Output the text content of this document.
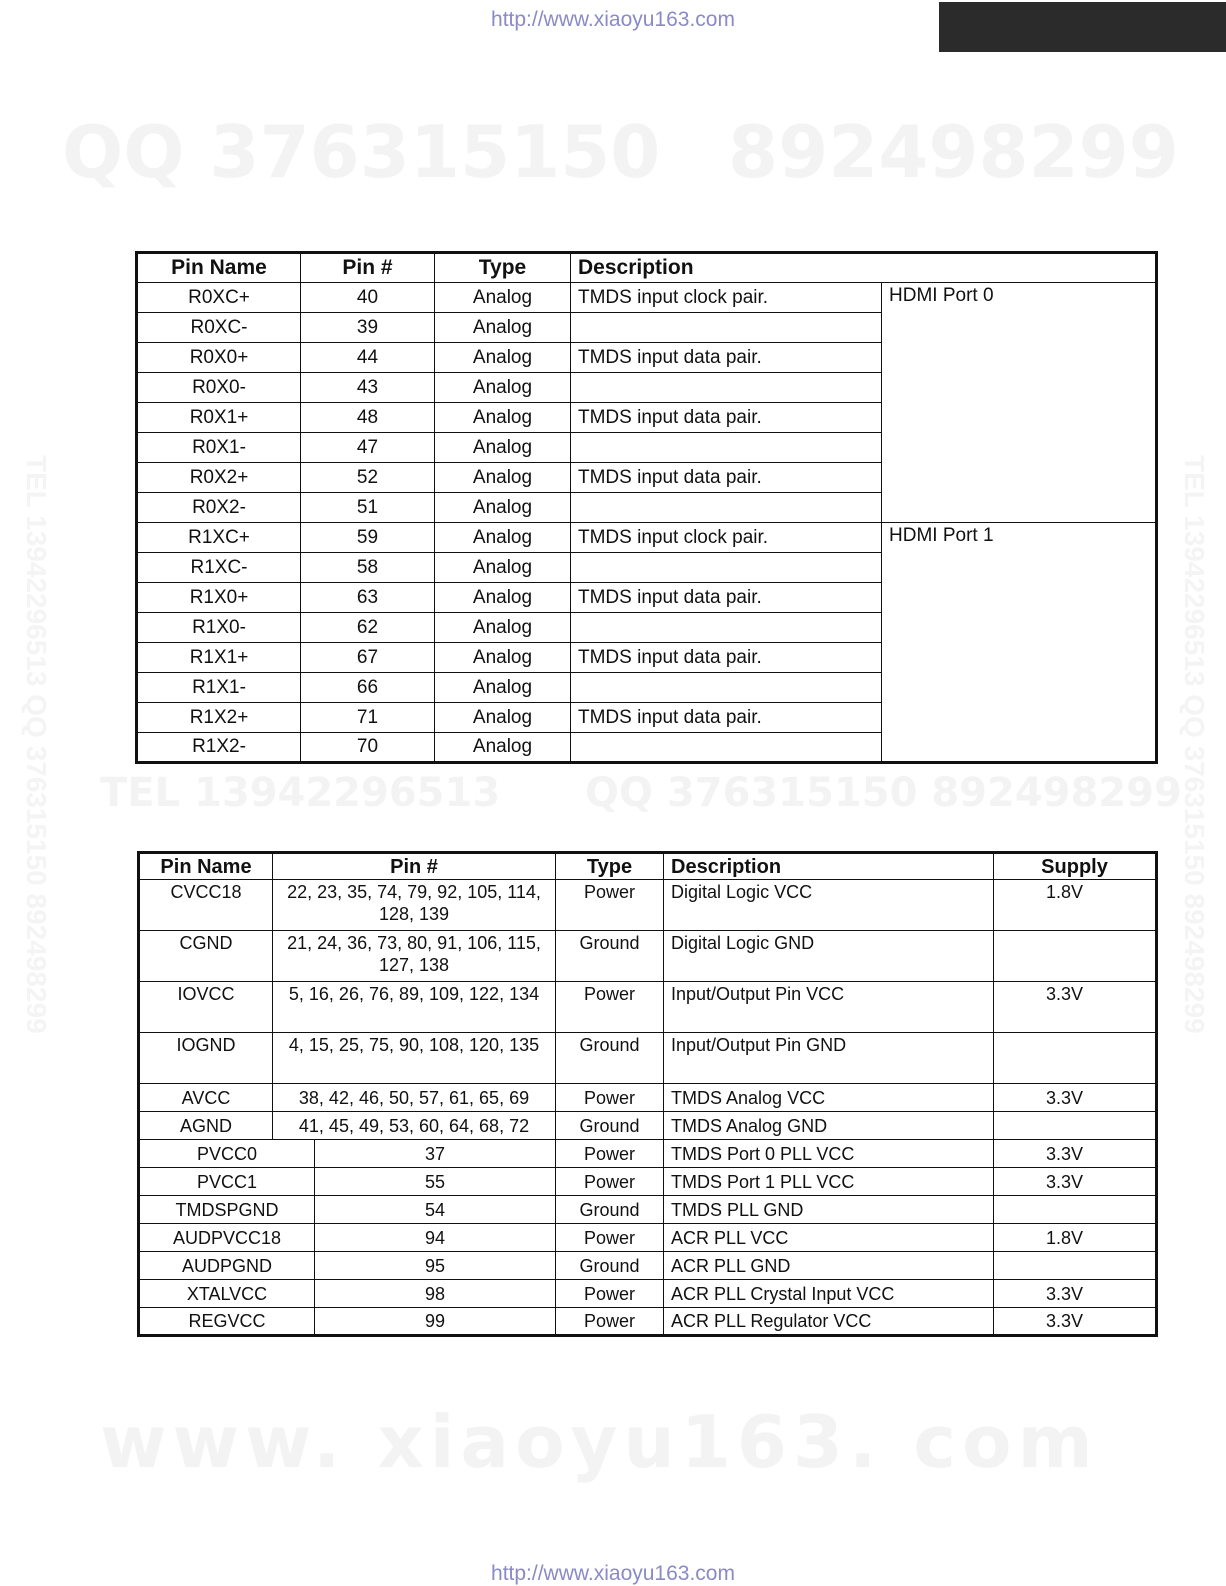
http://www.xiaoyu163.com
QQ 376315150 892498299
TEL 13942296513 QQ 376315150 892498299
www. xiaoyu163. com
TEL 13942296513 QQ 376315150 892498299	TEL 13942296513 QQ 376315150 892498299
Pin Name	Pin #	Type	Description	
R0XC+	40	Analog	TMDS input clock pair.	HDMI Port 0
R0XC-	39	Analog		
R0X0+	44	Analog	TMDS input data pair.	
R0X0-	43	Analog		
R0X1+	48	Analog	TMDS input data pair.	
R0X1-	47	Analog		
R0X2+	52	Analog	TMDS input data pair.	
R0X2-	51	Analog		
R1XC+	59	Analog	TMDS input clock pair.	HDMI Port 1
R1XC-	58	Analog		
R1X0+	63	Analog	TMDS input data pair.	
R1X0-	62	Analog		
R1X1+	67	Analog	TMDS input data pair.	
R1X1-	66	Analog		
R1X2+	71	Analog	TMDS input data pair.	
R1X2-	70	Analog		
Pin Name	Pin #		Type	Description	Supply
CVCC18	22, 23, 35, 74, 79, 92, 105, 114, 128, 139		Power	Digital Logic VCC	1.8V
CGND	21, 24, 36, 73, 80, 91, 106, 115, 127, 138		Ground	Digital Logic GND	
IOVCC	5, 16, 26, 76, 89, 109, 122, 134		Power	Input/Output Pin VCC	3.3V
IOGND	4, 15, 25, 75, 90, 108, 120, 135		Ground	Input/Output Pin GND	
AVCC	38, 42, 46, 50, 57, 61, 65, 69		Power	TMDS Analog VCC	3.3V
AGND	41, 45, 49, 53, 60, 64, 68, 72		Ground	TMDS Analog GND	
PVCC0		37	Power	TMDS Port 0 PLL VCC	3.3V
PVCC1		55	Power	TMDS Port 1 PLL VCC	3.3V
TMDSPGND		54	Ground	TMDS PLL GND	
AUDPVCC18		94	Power	ACR PLL VCC	1.8V
AUDPGND		95	Ground	ACR PLL GND	
XTALVCC		98	Power	ACR PLL Crystal Input VCC	3.3V
REGVCC		99	Power	ACR PLL Regulator VCC	3.3V
http://www.xiaoyu163.com
